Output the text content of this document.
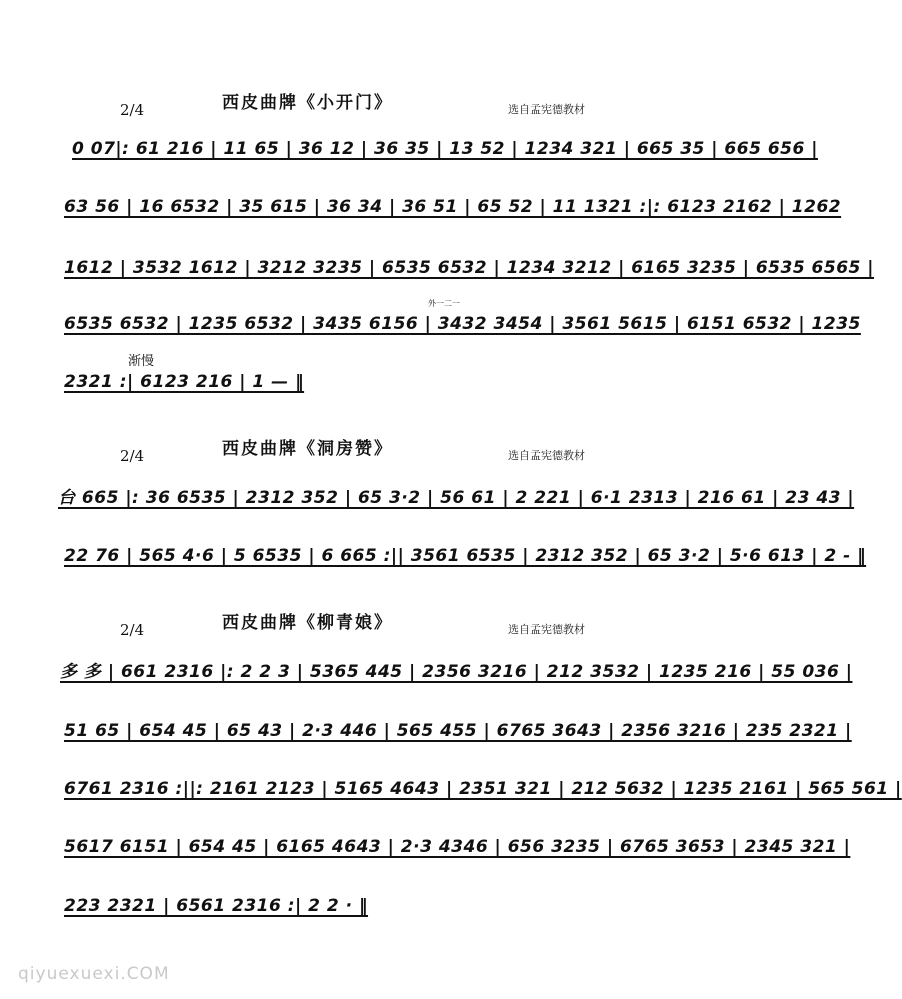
西皮曲牌《小开门》
2/4	选自孟宪德教材
0 07|: 61 216 | 11 65 | 36 12 | 36 35 | 13 52 | 1234 321 | 665 35 | 665 656 |
63 56 | 16 6532 | 35 615 | 36 34 | 36 51 | 65 52 | 11 1321 :|: 6123 2162 | 1262
1612 | 3532 1612 | 3212 3235 | 6535 6532 | 1234 3212 | 6165 3235 | 6535 6565 |
外一二一
6535 6532 | 1235 6532 | 3435 6156 | 3432 3454 | 3561 5615 | 6151 6532 | 1235
渐慢
2321 :| 6123 216 | 1 — ‖
西皮曲牌《洞房赞》
2/4	选自孟宪德教材
台 665 |: 36 6535 | 2312 352 | 65 3·2 | 56 61 | 2 221 | 6·1 2313 | 216 61 | 23 43 |
22 76 | 565 4·6 | 5 6535 | 6 665 :|| 3561 6535 | 2312 352 | 65 3·2 | 5·6 613 | 2 - ‖
西皮曲牌《柳青娘》
2/4	选自孟宪德教材
多 多 | 661 2316 |: 2 2 3 | 5365 445 | 2356 3216 | 212 3532 | 1235 216 | 55 036 |
51 65 | 654 45 | 65 43 | 2·3 446 | 565 455 | 6765 3643 | 2356 3216 | 235 2321 |
6761 2316 :||: 2161 2123 | 5165 4643 | 2351 321 | 212 5632 | 1235 2161 | 565 561 |
5617 6151 | 654 45 | 6165 4643 | 2·3 4346 | 656 3235 | 6765 3653 | 2345 321 |
223 2321 | 6561 2316 :| 2 2 · ‖
qiyuexuexi.COM
